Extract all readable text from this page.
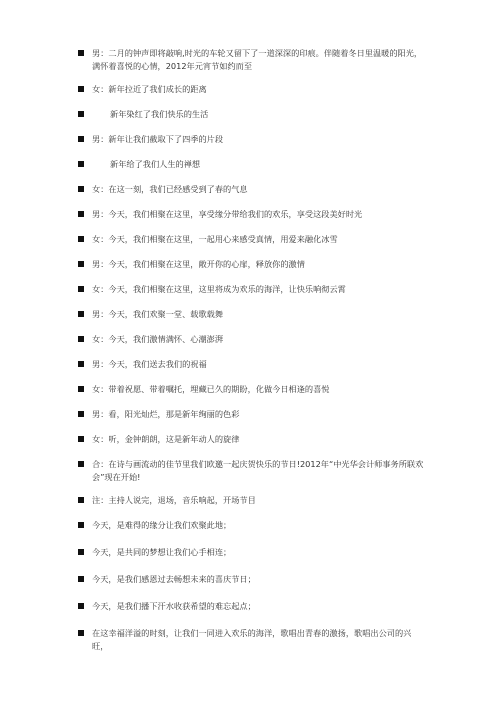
男：二月的钟声即将敲响,时光的车轮又留下了一道深深的印痕。伴随着冬日里温暖的阳光，满怀着喜悦的心情，2012年元宵节如约而至
女：新年拉近了我们成长的距离
新年染红了我们快乐的生活
男：新年让我们截取下了四季的片段
新年给了我们人生的禅想
女：在这一刻，我们已经感受到了春的气息
男：今天，我们相聚在这里，享受缘分带给我们的欢乐，享受这段美好时光
女：今天，我们相聚在这里，一起用心来感受真情，用爱来融化冰雪
男：今天，我们相聚在这里，敞开你的心扉，释放你的激情
女：今天，我们相聚在这里，这里将成为欢乐的海洋，让快乐响彻云霄
男：今天，我们欢聚一堂、载歌载舞
女：今天，我们激情满怀、心潮澎湃
男：今天，我们送去我们的祝福
女：带着祝愿、带着嘱托，埋藏已久的期盼，化做今日相逢的喜悦
男：看，阳光灿烂，那是新年绚丽的色彩
女：听，金钟朗朗，这是新年动人的旋律
合：在诗与画流动的佳节里我们欧邀一起庆贺快乐的节日!2012年“中光华会计师事务所联欢会”现在开始!
注：主持人说完，退场，音乐响起，开场节目
今天，是难得的缘分让我们欢聚此地；
今天，是共同的梦想让我们心手相连；
今天，是我们感恩过去畅想未来的喜庆节日；
今天，是我们播下汗水收获希望的难忘起点；
在这幸福洋溢的时刻，让我们一同进入欢乐的海洋，歌唱出青春的激扬，歌唱出公司的兴旺，
